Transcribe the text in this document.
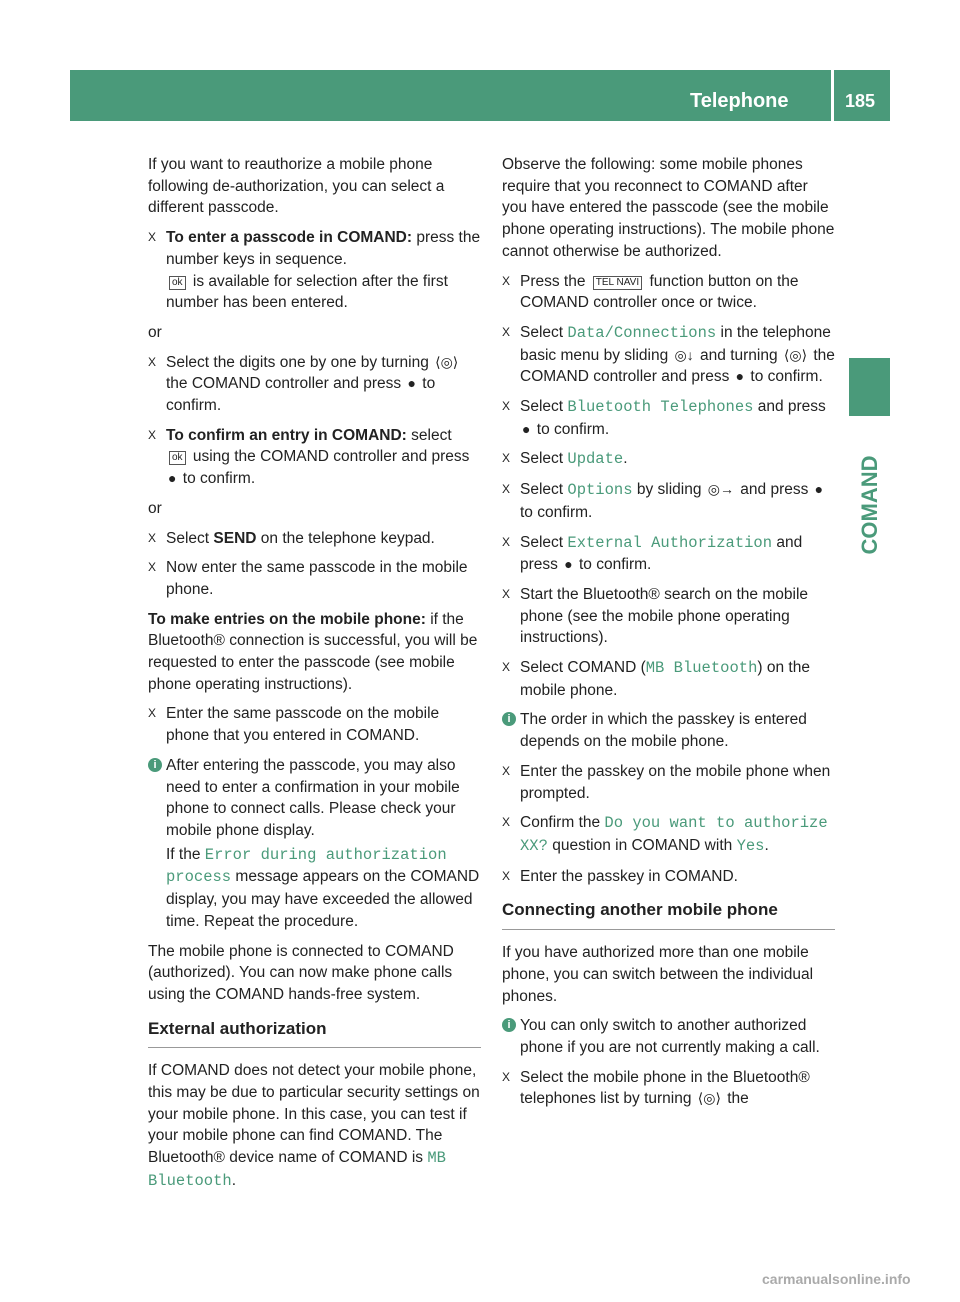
Telephone	185
COMAND

If you want to reauthorize a mobile phone following de-authorization, you can select a different passcode.

X To enter a passcode in COMAND: press the number keys in sequence.
ok is available for selection after the first number has been entered.

or

X Select the digits one by one by turning ⟨◎⟩ the COMAND controller and press ● to confirm.
X To confirm an entry in COMAND: select
ok using the COMAND controller and press ● to confirm.

or

X Select SEND on the telephone keypad.
X Now enter the same passcode in the mobile phone.

To make entries on the mobile phone: if the Bluetooth® connection is successful, you will be requested to enter the passcode (see mobile phone operating instructions).

X Enter the same passcode on the mobile phone that you entered in COMAND.
i After entering the passcode, you may also need to enter a confirmation in your mobile phone to connect calls. Please check your mobile phone display.
If the Error during authorization process message appears on the COMAND display, you may have exceeded the allowed time. Repeat the procedure.

The mobile phone is connected to COMAND (authorized). You can now make phone calls using the COMAND hands-free system.

External authorization

If COMAND does not detect your mobile phone, this may be due to particular security settings on your mobile phone. In this case, you can test if your mobile phone can find COMAND. The Bluetooth® device name of COMAND is MB Bluetooth.

Observe the following: some mobile phones require that you reconnect to COMAND after you have entered the passcode (see the mobile phone operating instructions). The mobile phone cannot otherwise be authorized.

X Press the TEL NAVI function button on the COMAND controller once or twice.
X Select Data/Connections in the telephone basic menu by sliding ◎↓ and turning ⟨◎⟩ the COMAND controller and press ● to confirm.
X Select Bluetooth Telephones and press ● to confirm.
X Select Update.
X Select Options by sliding ◎→ and press ● to confirm.
X Select External Authorization and press ● to confirm.
X Start the Bluetooth® search on the mobile phone (see the mobile phone operating instructions).
X Select COMAND (MB Bluetooth) on the mobile phone.
i The order in which the passkey is entered depends on the mobile phone.
X Enter the passkey on the mobile phone when prompted.
X Confirm the Do you want to authorize XX? question in COMAND with Yes.
X Enter the passkey in COMAND.
Connecting another mobile phone

If you have authorized more than one mobile phone, you can switch between the individual phones.

i You can only switch to another authorized phone if you are not currently making a call.
X Select the mobile phone in the Bluetooth® telephones list by turning ⟨◎⟩ the
carmanualsonline.info
